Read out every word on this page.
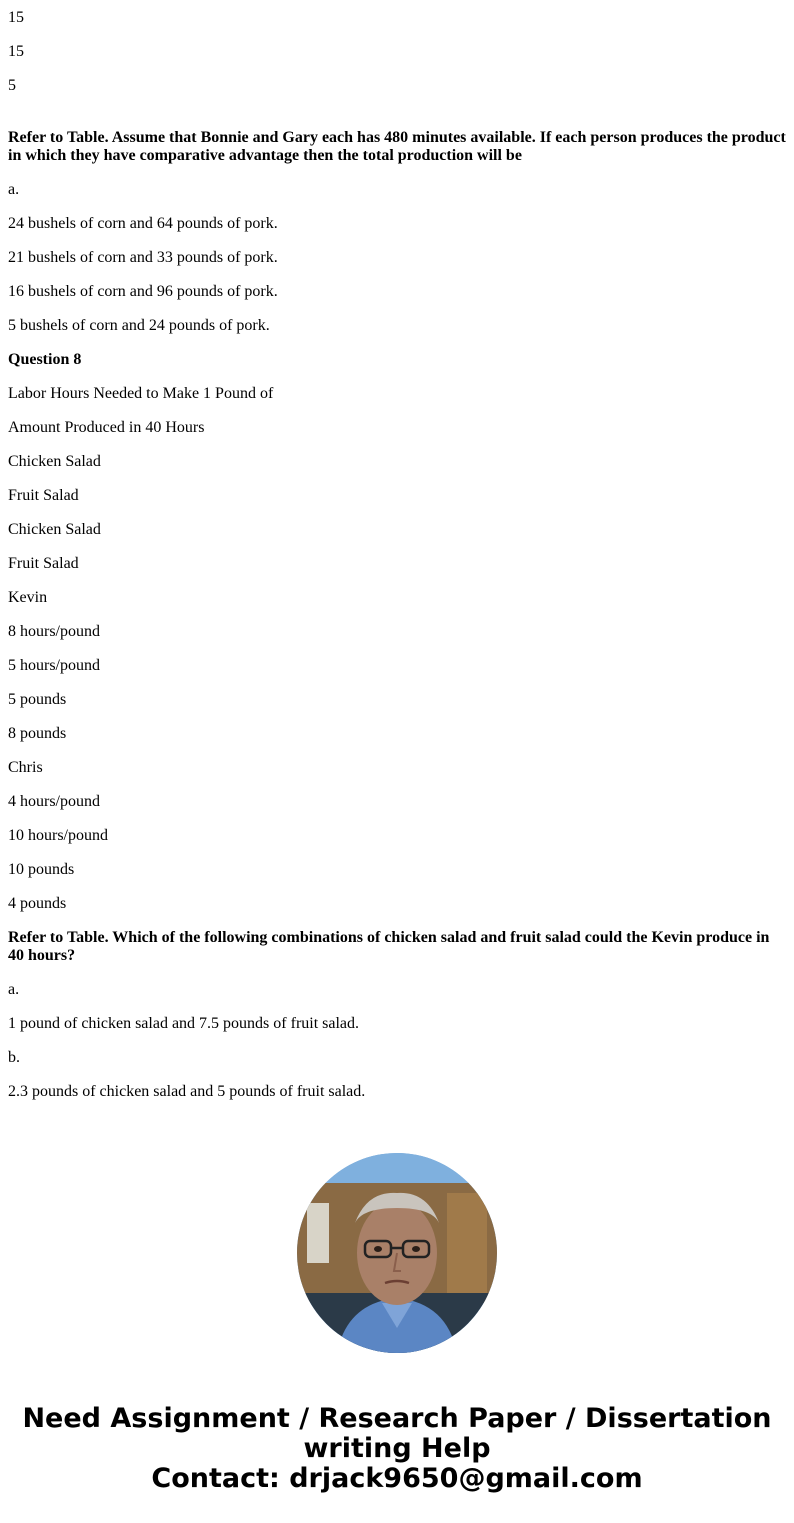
15

15

5

Refer to Table. Assume that Bonnie and Gary each has 480 minutes available. If each person produces the product in which they have comparative advantage then the total production will be

a.

24 bushels of corn and 64 pounds of pork.

21 bushels of corn and 33 pounds of pork.

16 bushels of corn and 96 pounds of pork.

5 bushels of corn and 24 pounds of pork.

Question 8

Labor Hours Needed to Make 1 Pound of

Amount Produced in 40 Hours

Chicken Salad

Fruit Salad

Chicken Salad

Fruit Salad

Kevin

8 hours/pound

5 hours/pound

5 pounds

8 pounds

Chris

4 hours/pound

10 hours/pound

10 pounds

4 pounds

Refer to Table. Which of the following combinations of chicken salad and fruit salad could the Kevin produce in 40 hours?

a.

1 pound of chicken salad and 7.5 pounds of fruit salad.

b.

2.3 pounds of chicken salad and 5 pounds of fruit salad.

Need Assignment / Research Paper / Dissertation
writing Help
Contact: drjack9650@gmail.com
